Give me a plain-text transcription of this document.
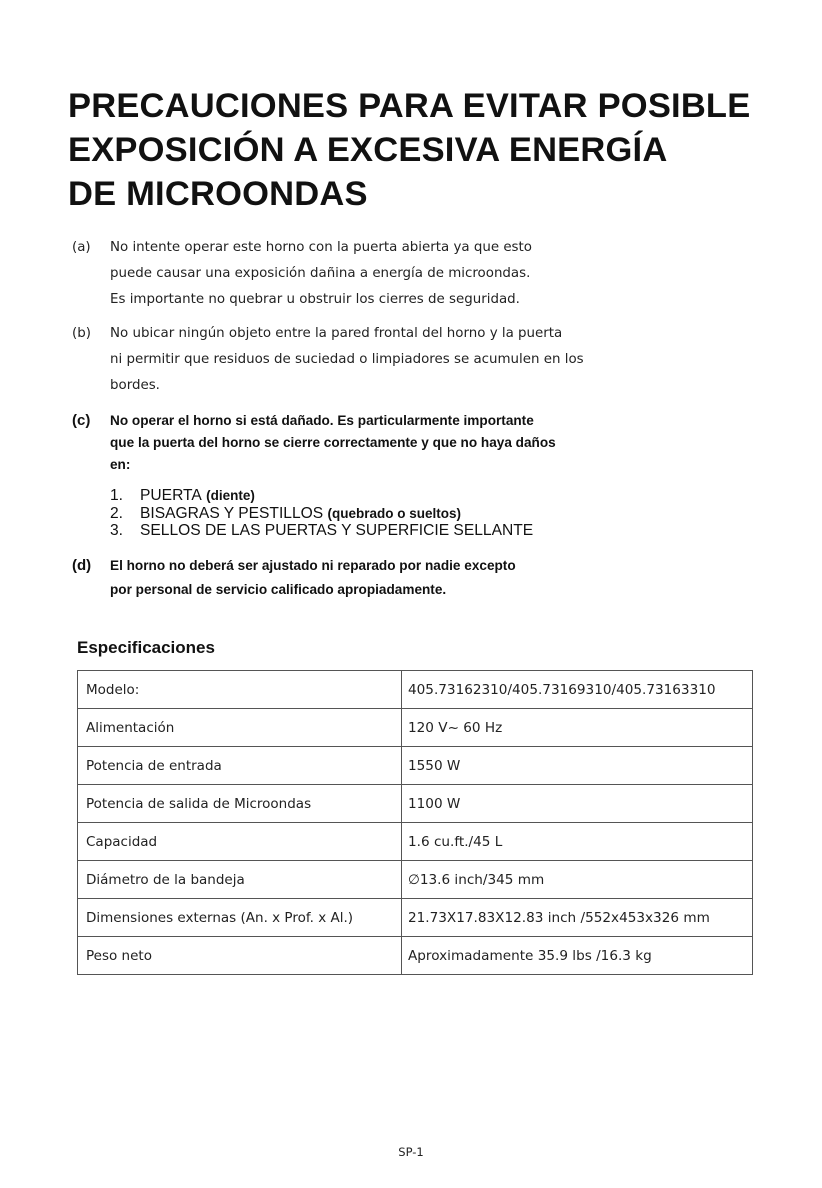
PRECAUCIONES PARA EVITAR POSIBLE
EXPOSICIÓN A EXCESIVA ENERGÍA
DE MICROONDAS
(a)	No intente operar este horno con la puerta abierta ya que esto
puede causar una exposición dañina a energía de microondas.
Es importante no quebrar u obstruir los cierres de seguridad.
(b)	No ubicar ningún objeto entre la pared frontal del horno y la puerta
ni permitir que residuos de suciedad o limpiadores se acumulen en los
bordes.
(c)	No operar el horno si está dañado. Es particularmente importante
que la puerta del horno se cierre correctamente y que no haya daños
en:
1.	PUERTA
(diente)
2.	BISAGRAS Y PESTILLOS
(quebrado o sueltos)
3.	SELLOS DE LAS PUERTAS Y SUPERFICIE SELLANTE
(d)	El horno no deberá ser ajustado ni reparado por nadie excepto
por personal de servicio calificado apropiadamente.
Especificaciones
Modelo:	405.73162310/405.73169310/405.73163310
Alimentación	120 V~ 60 Hz
Potencia de entrada	1550 W
Potencia de salida de Microondas	1100 W
Capacidad	1.6 cu.ft./45 L
Diámetro de la bandeja	∅13.6 inch/345 mm
Dimensiones externas (An. x Prof. x Al.)	21.73X17.83X12.83 inch /552x453x326 mm
Peso neto	Aproximadamente 35.9 lbs /16.3 kg
SP-1
